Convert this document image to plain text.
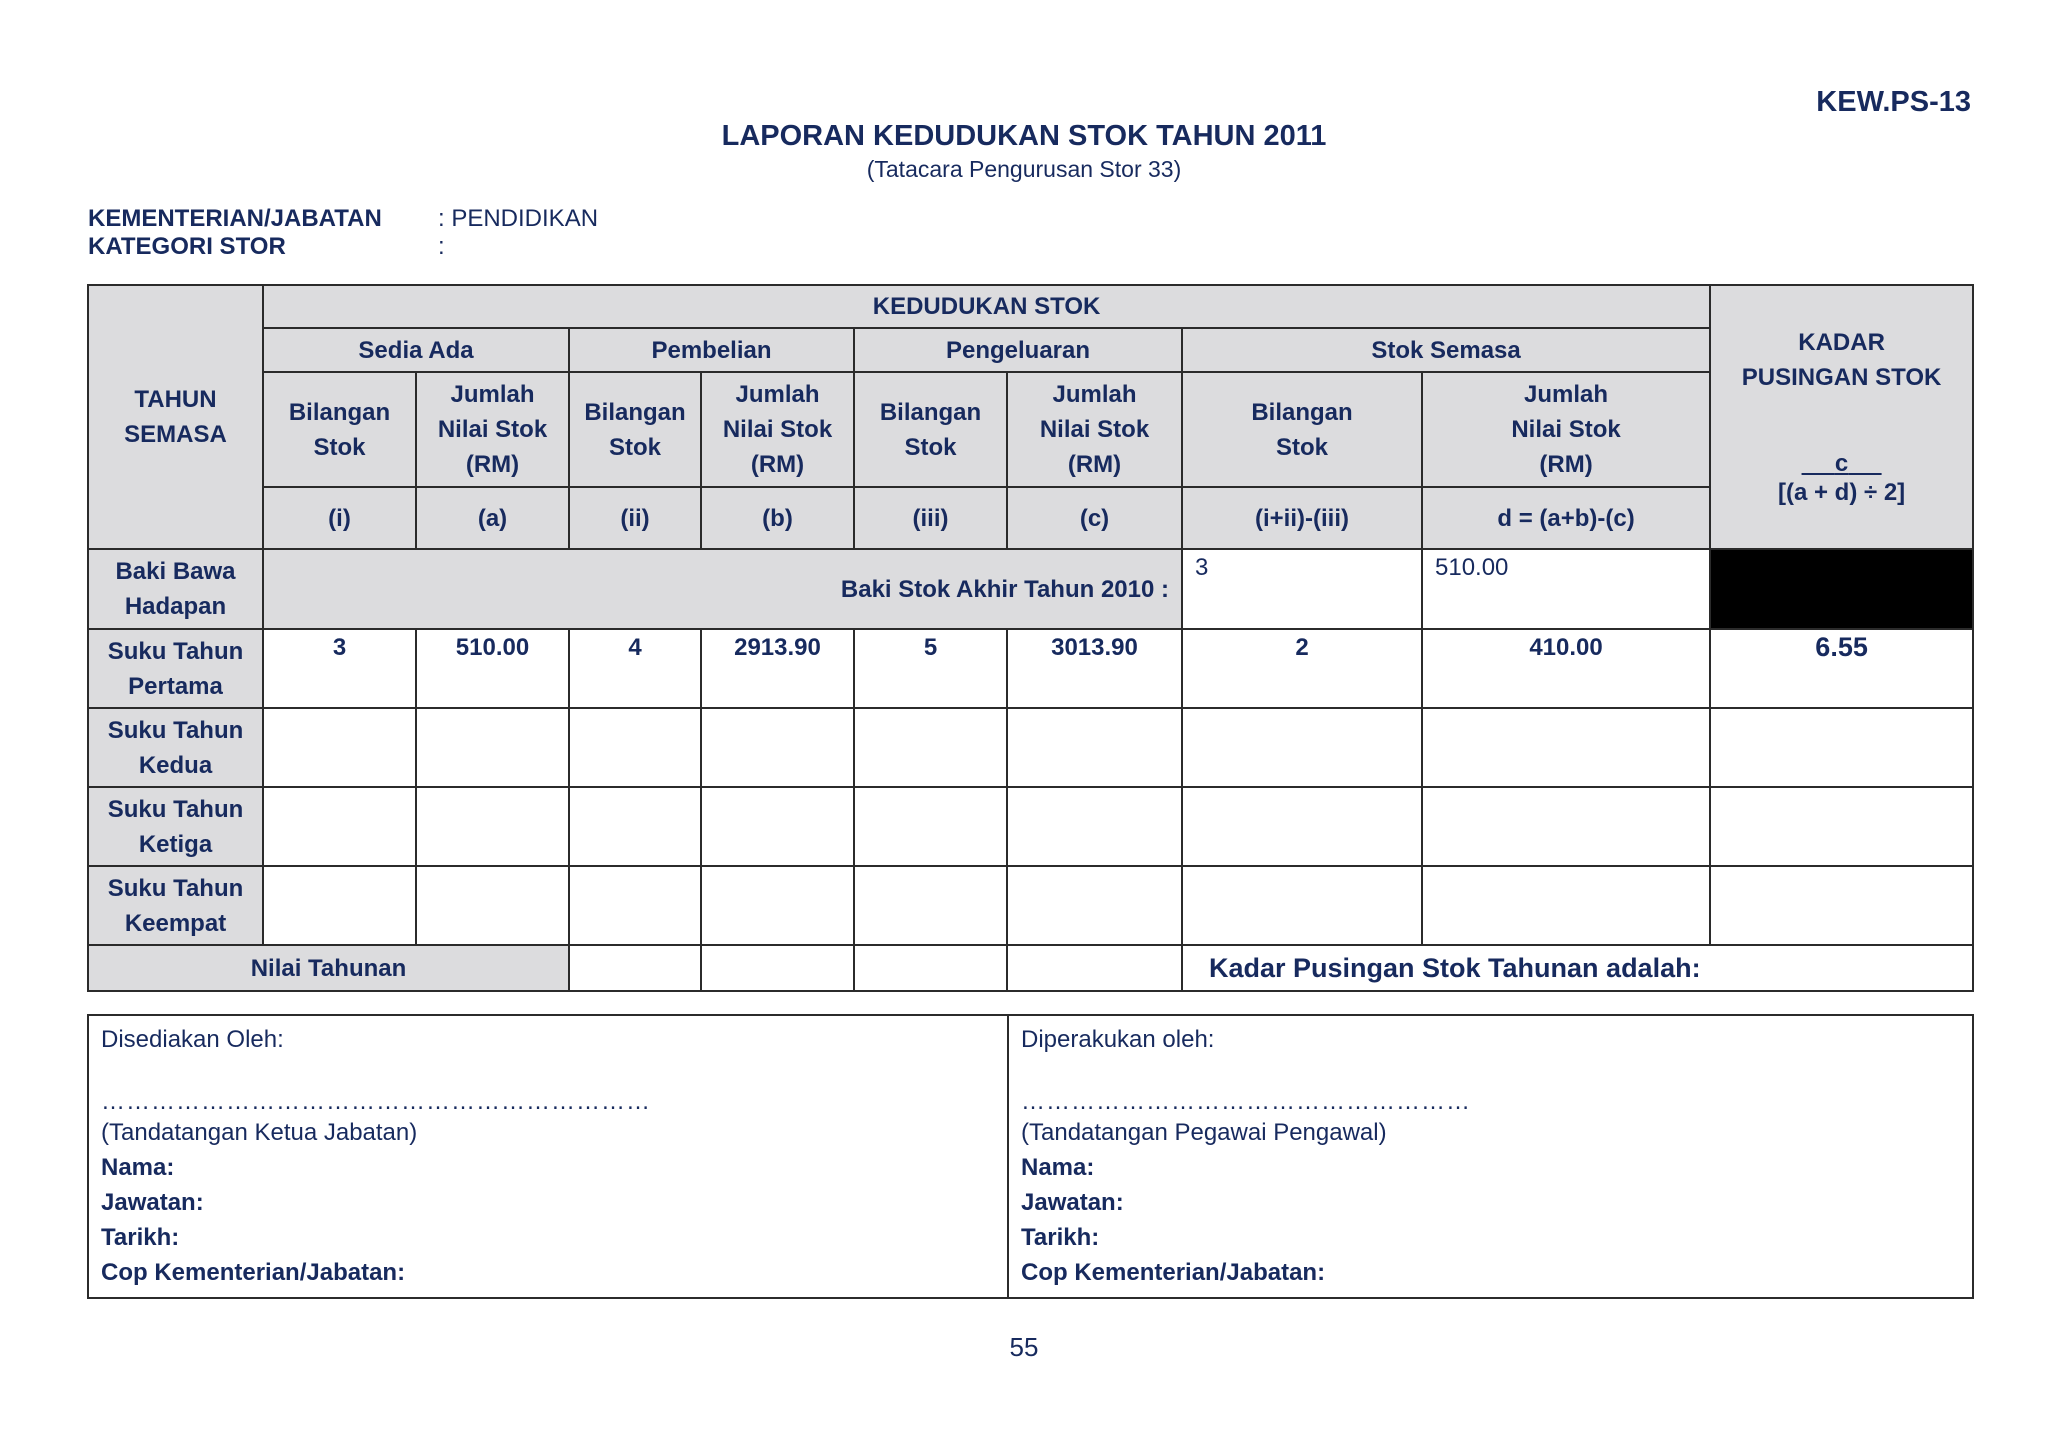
KEW.PS-13
LAPORAN KEDUDUKAN STOK TAHUN 2011
(Tatacara Pengurusan Stor 33)
KEMENTERIAN/JABATAN : PENDIDIKAN
KATEGORI STOR	:
TAHUN SEMASA	KEDUDUKAN STOK								KADAR PUSINGAN STOK
c
[(a + d) ÷ 2]

	Sedia Ada		Pembelian		Pengeluaran		Stok Semasa		

	Bilangan Stok	Jumlah Nilai Stok (RM)	Bilangan Stok	Jumlah Nilai Stok (RM)	Bilangan Stok	Jumlah Nilai Stok (RM)	Bilangan Stok	Jumlah Nilai Stok (RM)	

	(i)	(a)	(ii)	(b)	(iii)	(c)	(i+ii)-(iii)	d = (a+b)-(c)	

Baki Bawa Hadapan	Baki Stok Akhir Tahun 2010 :						3	510.00	

Suku Tahun Pertama	3	510.00	4	2913.90	5	3013.90	2	410.00	6.55

Suku Tahun Kedua									

Suku Tahun Ketiga									

Suku Tahun Keempat									

Nilai Tahunan							Kadar Pusingan Stok Tahunan adalah:		
Disediakan Oleh:
…………………………………………………………
(Tandatangan Ketua Jabatan)
Nama:
Jawatan:
Tarikh:
Cop Kementerian/Jabatan:

Diperakukan oleh:
………………………………………………
(Tandatangan Pegawai Pengawal)
Nama:
Jawatan:
Tarikh:
Cop Kementerian/Jabatan:
55
